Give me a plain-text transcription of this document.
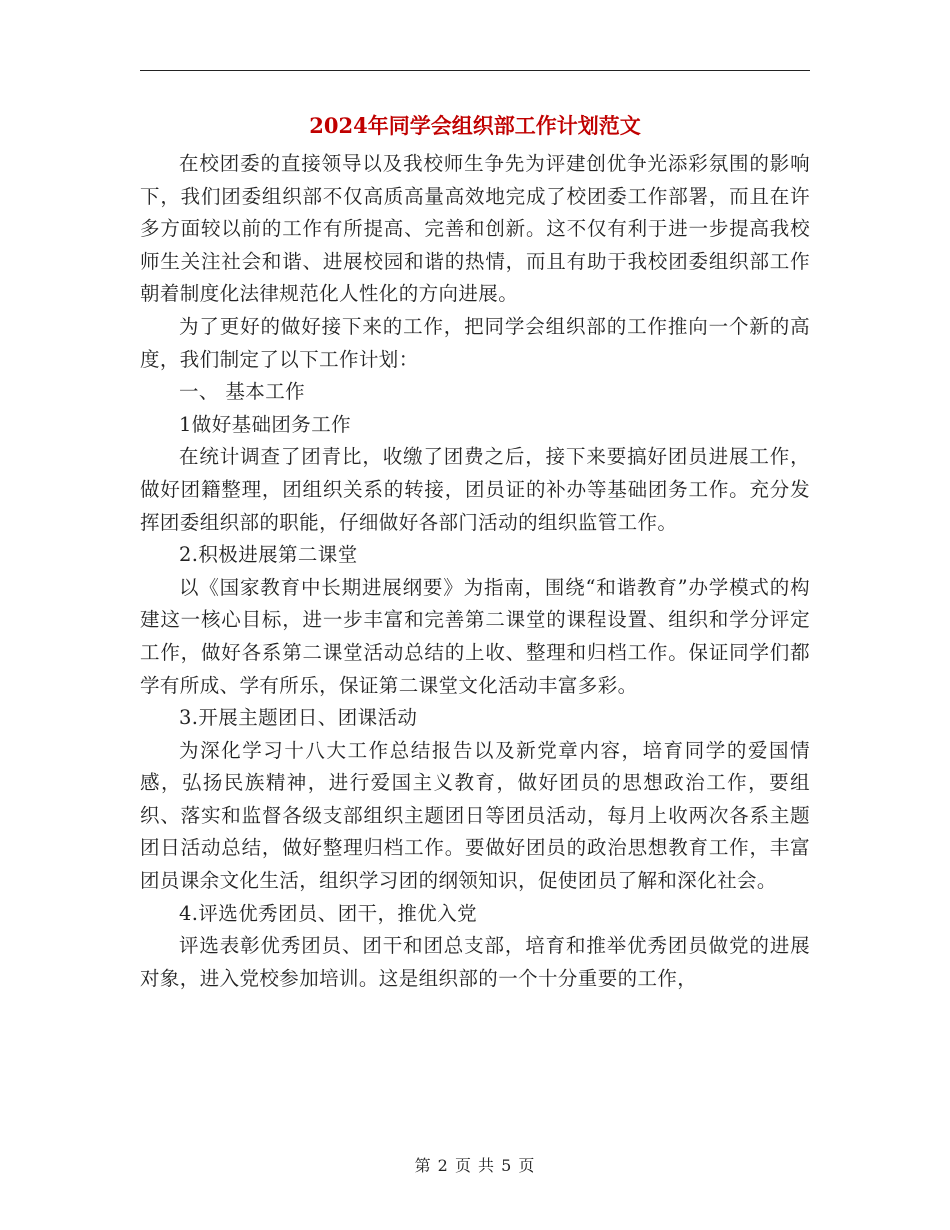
2024年同学会组织部工作计划范文

在校团委的直接领导以及我校师生争先为评建创优争光添彩氛围的影响下，我们团委组织部不仅高质高量高效地完成了校团委工作部署，而且在许多方面较以前的工作有所提高、完善和创新。这不仅有利于进一步提高我校师生关注社会和谐、进展校园和谐的热情，而且有助于我校团委组织部工作朝着制度化法律规范化人性化的方向进展。

为了更好的做好接下来的工作，把同学会组织部的工作推向一个新的高度，我们制定了以下工作计划：

一、 基本工作

1做好基础团务工作

在统计调查了团青比，收缴了团费之后，接下来要搞好团员进展工作，做好团籍整理，团组织关系的转接，团员证的补办等基础团务工作。充分发挥团委组织部的职能，仔细做好各部门活动的组织监管工作。

2.积极进展第二课堂

以《国家教育中长期进展纲要》为指南，围绕“和谐教育”办学模式的构建这一核心目标，进一步丰富和完善第二课堂的课程设置、组织和学分评定工作，做好各系第二课堂活动总结的上收、整理和归档工作。保证同学们都学有所成、学有所乐，保证第二课堂文化活动丰富多彩。

3.开展主题团日、团课活动

为深化学习十八大工作总结报告以及新党章内容，培育同学的爱国情感，弘扬民族精神，进行爱国主义教育，做好团员的思想政治工作，要组织、落实和监督各级支部组织主题团日等团员活动，每月上收两次各系主题团日活动总结，做好整理归档工作。要做好团员的政治思想教育工作，丰富团员课余文化生活，组织学习团的纲领知识，促使团员了解和深化社会。

4.评选优秀团员、团干，推优入党

评选表彰优秀团员、团干和团总支部，培育和推举优秀团员做党的进展对象，进入党校参加培训。这是组织部的一个十分重要的工作，

第 2 页 共 5 页
